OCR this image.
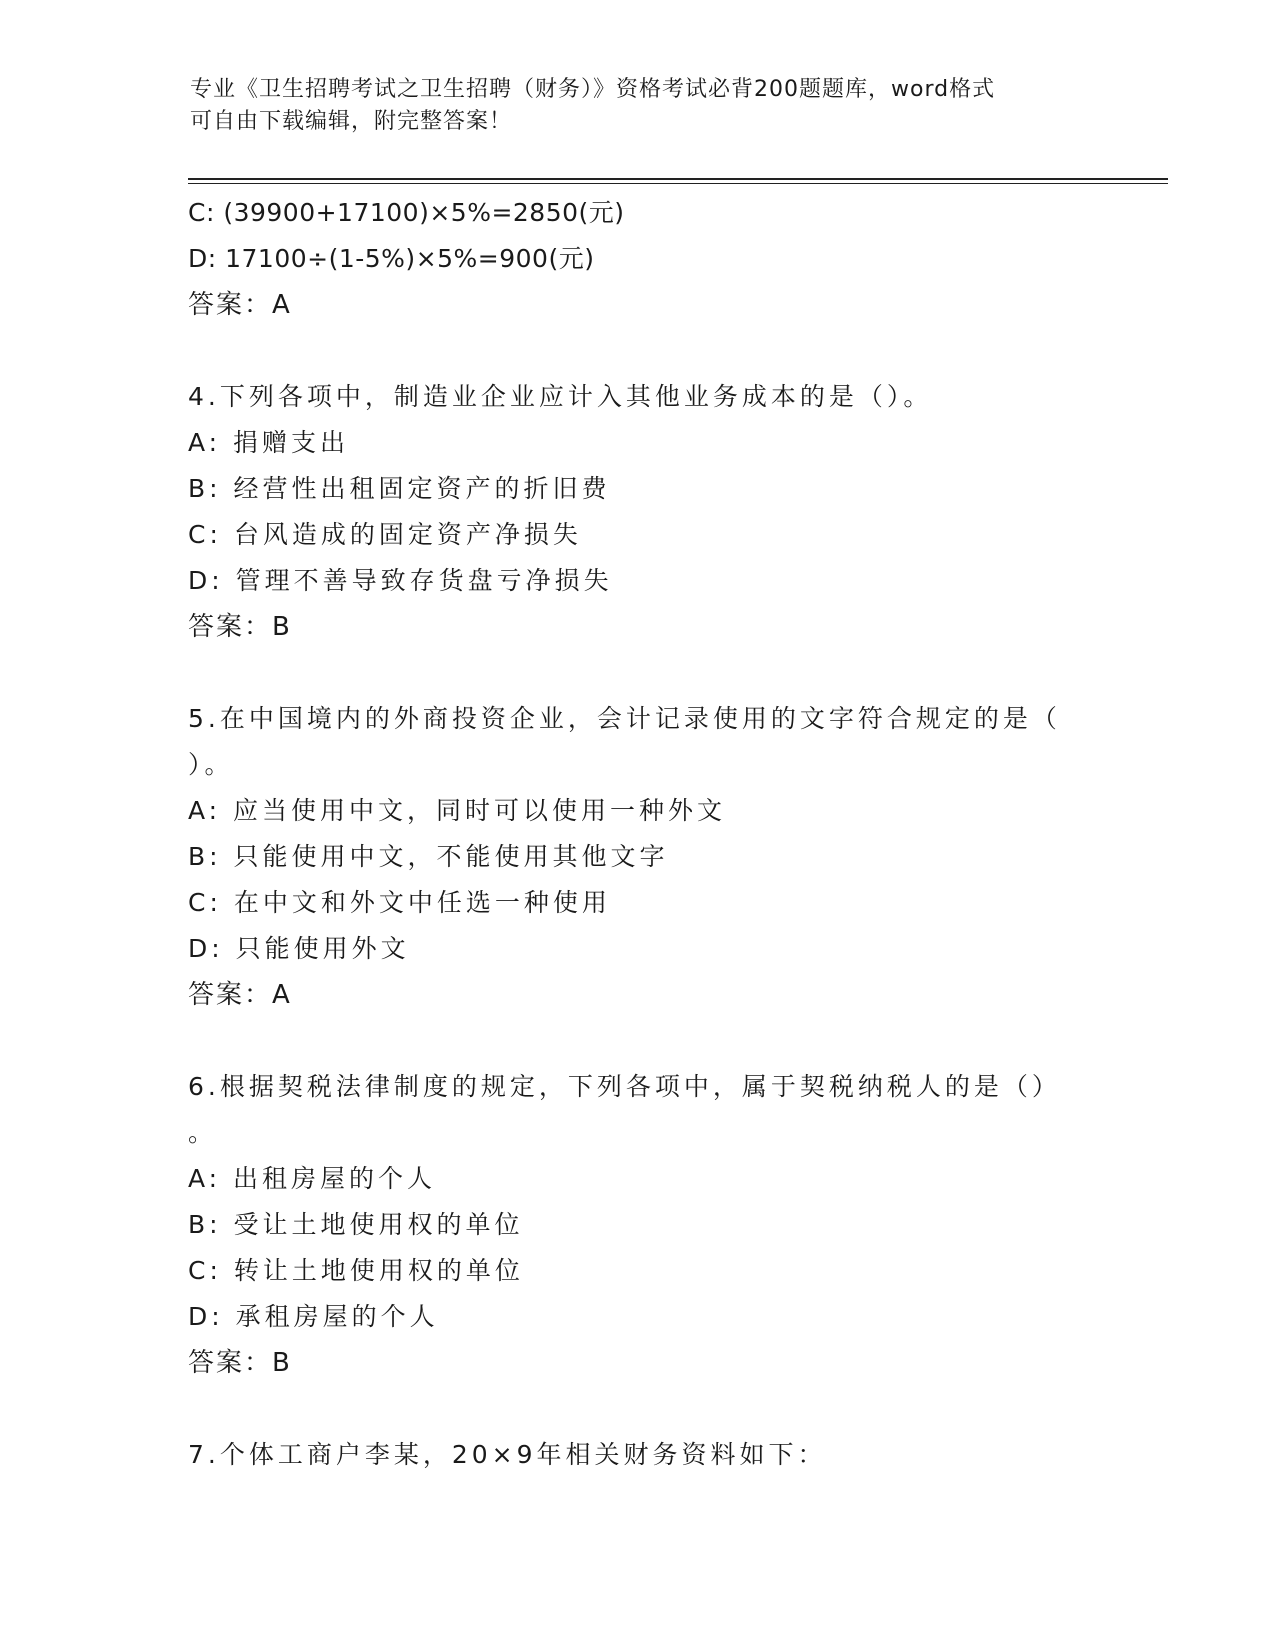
专业《卫生招聘考试之卫生招聘（财务）》资格考试必背200题题库，word格式
可自由下载编辑，附完整答案！
C: (39900+17100)×5%=2850(元)
D: 17100÷(1-5%)×5%=900(元)
答案：A
4.下列各项中，制造业企业应计入其他业务成本的是（）。
A: 捐赠支出
B: 经营性出租固定资产的折旧费
C: 台风造成的固定资产净损失
D: 管理不善导致存货盘亏净损失
答案：B
5.在中国境内的外商投资企业，会计记录使用的文字符合规定的是（
）。
A: 应当使用中文，同时可以使用一种外文
B: 只能使用中文，不能使用其他文字
C: 在中文和外文中任选一种使用
D: 只能使用外文
答案：A
6.根据契税法律制度的规定，下列各项中，属于契税纳税人的是（）
。
A: 出租房屋的个人
B: 受让土地使用权的单位
C: 转让土地使用权的单位
D: 承租房屋的个人
答案：B
7.个体工商户李某，20×9年相关财务资料如下：
